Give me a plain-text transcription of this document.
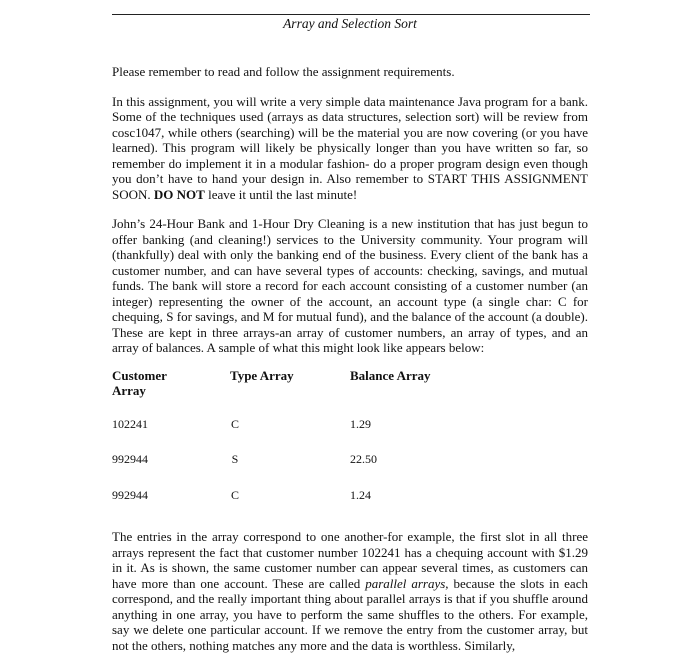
Array and Selection Sort

Please remember to read and follow the assignment requirements.

In this assignment, you will write a very simple data maintenance Java program for a bank. Some of the techniques used (arrays as data structures, selection sort) will be review from cosc1047, while others (searching) will be the material you are now covering (or you have learned). This program will likely be physically longer than you have written so far, so remember do implement it in a modular fashion- do a proper program design even though you don’t have to hand your design in. Also remember to START THIS ASSIGNMENT SOON. DO NOT leave it until the last minute!

John’s 24-Hour Bank and 1-Hour Dry Cleaning is a new institution that has just begun to offer banking (and cleaning!) services to the University community. Your program will (thankfully) deal with only the banking end of the business. Every client of the bank has a customer number, and can have several types of accounts: checking, savings, and mutual funds. The bank will store a record for each account consisting of a customer number (an integer) representing the owner of the account, an account type (a single char: C for chequing, S for savings, and M for mutual fund), and the balance of the account (a double). These are kept in three arrays-an array of customer numbers, an array of types, and an array of balances. A sample of what this might look like appears below:

Customer
Array	Type Array	Balance Array
102241	C	1.29
992944	S	22.50
992944	C	1.24

The entries in the array correspond to one another-for example, the first slot in all three arrays represent the fact that customer number 102241 has a chequing account with $1.29 in it. As is shown, the same customer number can appear several times, as customers can have more than one account. These are called parallel arrays, because the slots in each correspond, and the really important thing about parallel arrays is that if you shuffle around anything in one array, you have to perform the same shuffles to the others. For example, say we delete one particular account. If we remove the entry from the customer array, but not the others, nothing matches any more and the data is worthless. Similarly,
